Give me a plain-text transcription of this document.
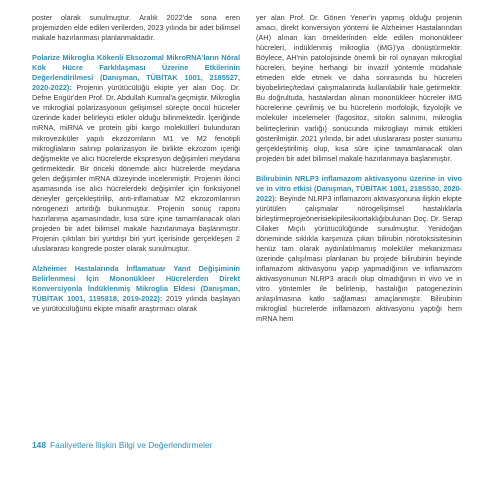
poster olarak sunulmuştur. Aralık 2022'de sona eren projemizden elde edilen verilerden, 2023 yılında bir adet bilimsel makale hazırlanması planlanmaktadır.

Polarize Mikroglia Kökenli Eksozomal MikroRNA'ların Nöral Kök Hücre Farklılaşması Üzerine Etkilerinin Değerlendirilmesi (Danışman, TÜBİTAK 1001, 2185527, 2020-2022): Projenin yürütücülüğü ekipte yer alan Doç. Dr. Defne Engür'den Prof. Dr. Abdullah Kumral'a geçmiştir. Mikroglia ve mikroglial polarizasyonun gelişimsel süreçte öncül hücreler üzerinde kader belirleyici etkiler olduğu bilinmektedir. İçeriğinde mRNA, miRNA ve protein gibi kargo molekülleri bulunduran mikroveziküler yapılı ekzozomların M1 ve M2 fenotipli mikrogliaların salınıp polarizasyon ile birlikte ekzozom içeriği değişmekte ve alıcı hücrelerde ekspresyon değişimleri meydana getirmektedir. Bir önceki dönemde alıcı hücrelerde meydana gelen değişimler mRNA düzeyinde incelenmiştir. Projenin ikinci aşamasında ise alıcı hücrelerdeki değişimler için fonksiyonel deneyler gerçekleştirilip, anti-inflamatuar M2 ekzozomlarının nörogenezi artırdığı bulunmuştur. Projenin sonuç raporu hazırlanma aşamasındadır, kısa süre içine tamamlanacak olan projeden bir adet bilimsel makale hazırlanmaya başlanmıştır. Projenin çıktıları biri yurtdışı biri yurt içerisinde gerçekleşen 2 uluslararası kongrede poster olarak sunulmuştur.

Alzheimer Hastalarında İnflamatuar Yanıt Değişiminin Belirlenmesi İçin Mononükleer Hücrelerden Direkt Konversiyonla İndüklenmiş Mikroglia Eldesi (Danışman, TÜBİTAK 1001, 1195818, 2019-2022): 2019 yılında başlayan ve yürütücülüğünü ekipte misafir araştırmacı olarak

yer alan Prof. Dr. Gönen Yener'in yapmış olduğu projenin amacı, direkt konversiyon yöntemi ile Alzheimer Hastalarından (AH) alınan kan örneklerinden elde edilen mononükleer hücreleri, indüklenmiş mikroglia (iMG)'ya dönüştürmektir. Böylece, AH'nin patolojisinde önemli bir rol oynayan mikroglial hücreleri, beyine herhangi bir invazif yöntemle müdahale etmeden elde etmek ve daha sonrasında bu hücreleri biyobelirteç/tedavi çalışmalarında kullanılabilir hale getirmektir. Bu doğrultuda, hastalardan alınan mononükleer hücreler iMG hücrelerine çevrilmiş ve bu hücrelerin morfolojik, fizyolojik ve moleküler incelemeler (fagositoz, sitokin salınımı, mikroglia belirteçlerinin varlığı) sonucunda mikrogliayı mimik ettikleri gösterilmiştir. 2021 yılında, bir adet uluslararası poster sunumu gerçekleştirilmiş olup, kısa süre içine tamamlanacak olan projeden bir adet bilimsel makale hazırlanmaya başlanmıştır.

Bilirubinin NRLP3 inflamazom aktivasyonu üzerine in vivo ve in vitro etkisi (Danışman, TÜBİTAK 1001, 218S530, 2020-2022): Beyinde NLRP3 inflamazom aktivasyonuna ilişkin ekipte yürütülen çalışmalar nörogelişimsel hastalıklarla birleştirmeprojeönerisiekipilesikıortaklığıbulunan Doç. Dr. Serap Cilaker Mıçılı yürütücülüğünde sunulmuştur. Yenidoğan döneminde sıklıkla karşımıza çıkan bilirubin nörotoksisitesinin henüz tam olarak aydınlatılmamış moleküler mekanizması üzerinde çalışılması planlanan bu projede bilirubinin beyinde inflamazom aktivasyonu yapıp yapmadığının ve inflamazom aktivasyonunun NLRP3 aracılı olup olmadığının in vivo ve in vitro yöntemler ile belirlenip, hastalığın patogenezinin anlaşılmasına katkı sağlaması amaçlanmıştır. Bilirubinin mikroglial hücrelerde inflamazom aktivasyonu yaptığı hem mRNA hem

148 Faaliyetlere İlişkin Bilgi ve Değerlendirmeler
